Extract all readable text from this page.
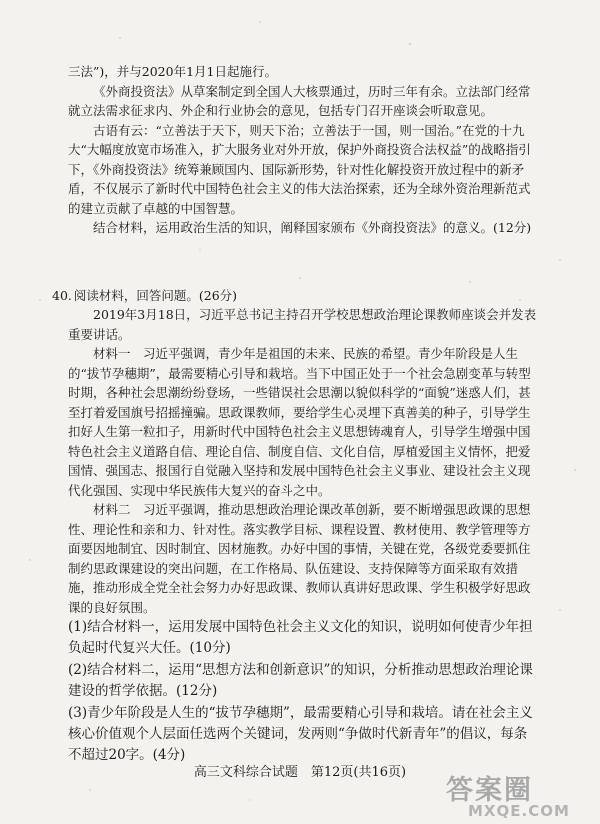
三法”)，并与2020年1月1日起施行。

《外商投资法》从草案制定到全国人大核票通过，历时三年有余。立法部门经常就立法需求征求内、外企和行业协会的意见，包括专门召开座谈会听取意见。

古语有云：“立善法于天下，则天下治；立善法于一国，则一国治。”在党的十九大“大幅度放宽市场准入，扩大服务业对外开放，保护外商投资合法权益”的战略指引下，《外商投资法》统筹兼顾国内、国际新形势，针对性化解投资开放过程中的新矛盾，不仅展示了新时代中国特色社会主义的伟大法治探索，还为全球外资治理新范式的建立贡献了卓越的中国智慧。

结合材料，运用政治生活的知识，阐释国家颁布《外商投资法》的意义。(12分)

40. 阅读材料，回答问题。(26分)

2019年3月18日，习近平总书记主持召开学校思想政治理论课教师座谈会并发表重要讲话。

材料一　习近平强调，青少年是祖国的未来、民族的希望。青少年阶段是人生的“拔节孕穗期”，最需要精心引导和栽培。当下中国正处于一个社会急剧变革与转型时期，各种社会思潮纷纷登场，一些错误社会思潮以貌似科学的“面貌”迷惑人们，甚至打着爱国旗号招摇撞骗。思政课教师，要给学生心灵埋下真善美的种子，引导学生扣好人生第一粒扣子，用新时代中国特色社会主义思想铸魂育人，引导学生增强中国特色社会主义道路自信、理论自信、制度自信、文化自信，厚植爱国主义情怀，把爱国情、强国志、报国行自觉融入坚持和发展中国特色社会主义事业、建设社会主义现代化强国、实现中华民族伟大复兴的奋斗之中。

材料二　习近平强调，推动思想政治理论课改革创新，要不断增强思政课的思想性、理论性和亲和力、针对性。落实教学目标、课程设置、教材使用、教学管理等方面要因地制宜、因时制宜、因材施教。办好中国的事情，关键在党，各级党委要抓住制约思政课建设的突出问题，在工作格局、队伍建设、支持保障等方面采取有效措施，推动形成全党全社会努力办好思政课、教师认真讲好思政课、学生积极学好思政课的良好氛围。

(1)结合材料一，运用发展中国特色社会主义文化的知识，说明如何使青少年担负起时代复兴大任。(10分)

(2)结合材料二，运用“思想方法和创新意识”的知识，分析推动思想政治理论课建设的哲学依据。(12分)

(3)青少年阶段是人生的“拔节孕穗期”，最需要精心引导和栽培。请在社会主义核心价值观个人层面任选两个关键词，发两则“争做时代新青年”的倡议，每条不超过20字。(4分)

高三文科综合试题　第12页(共16页)
答案圈
MXQE.COM
